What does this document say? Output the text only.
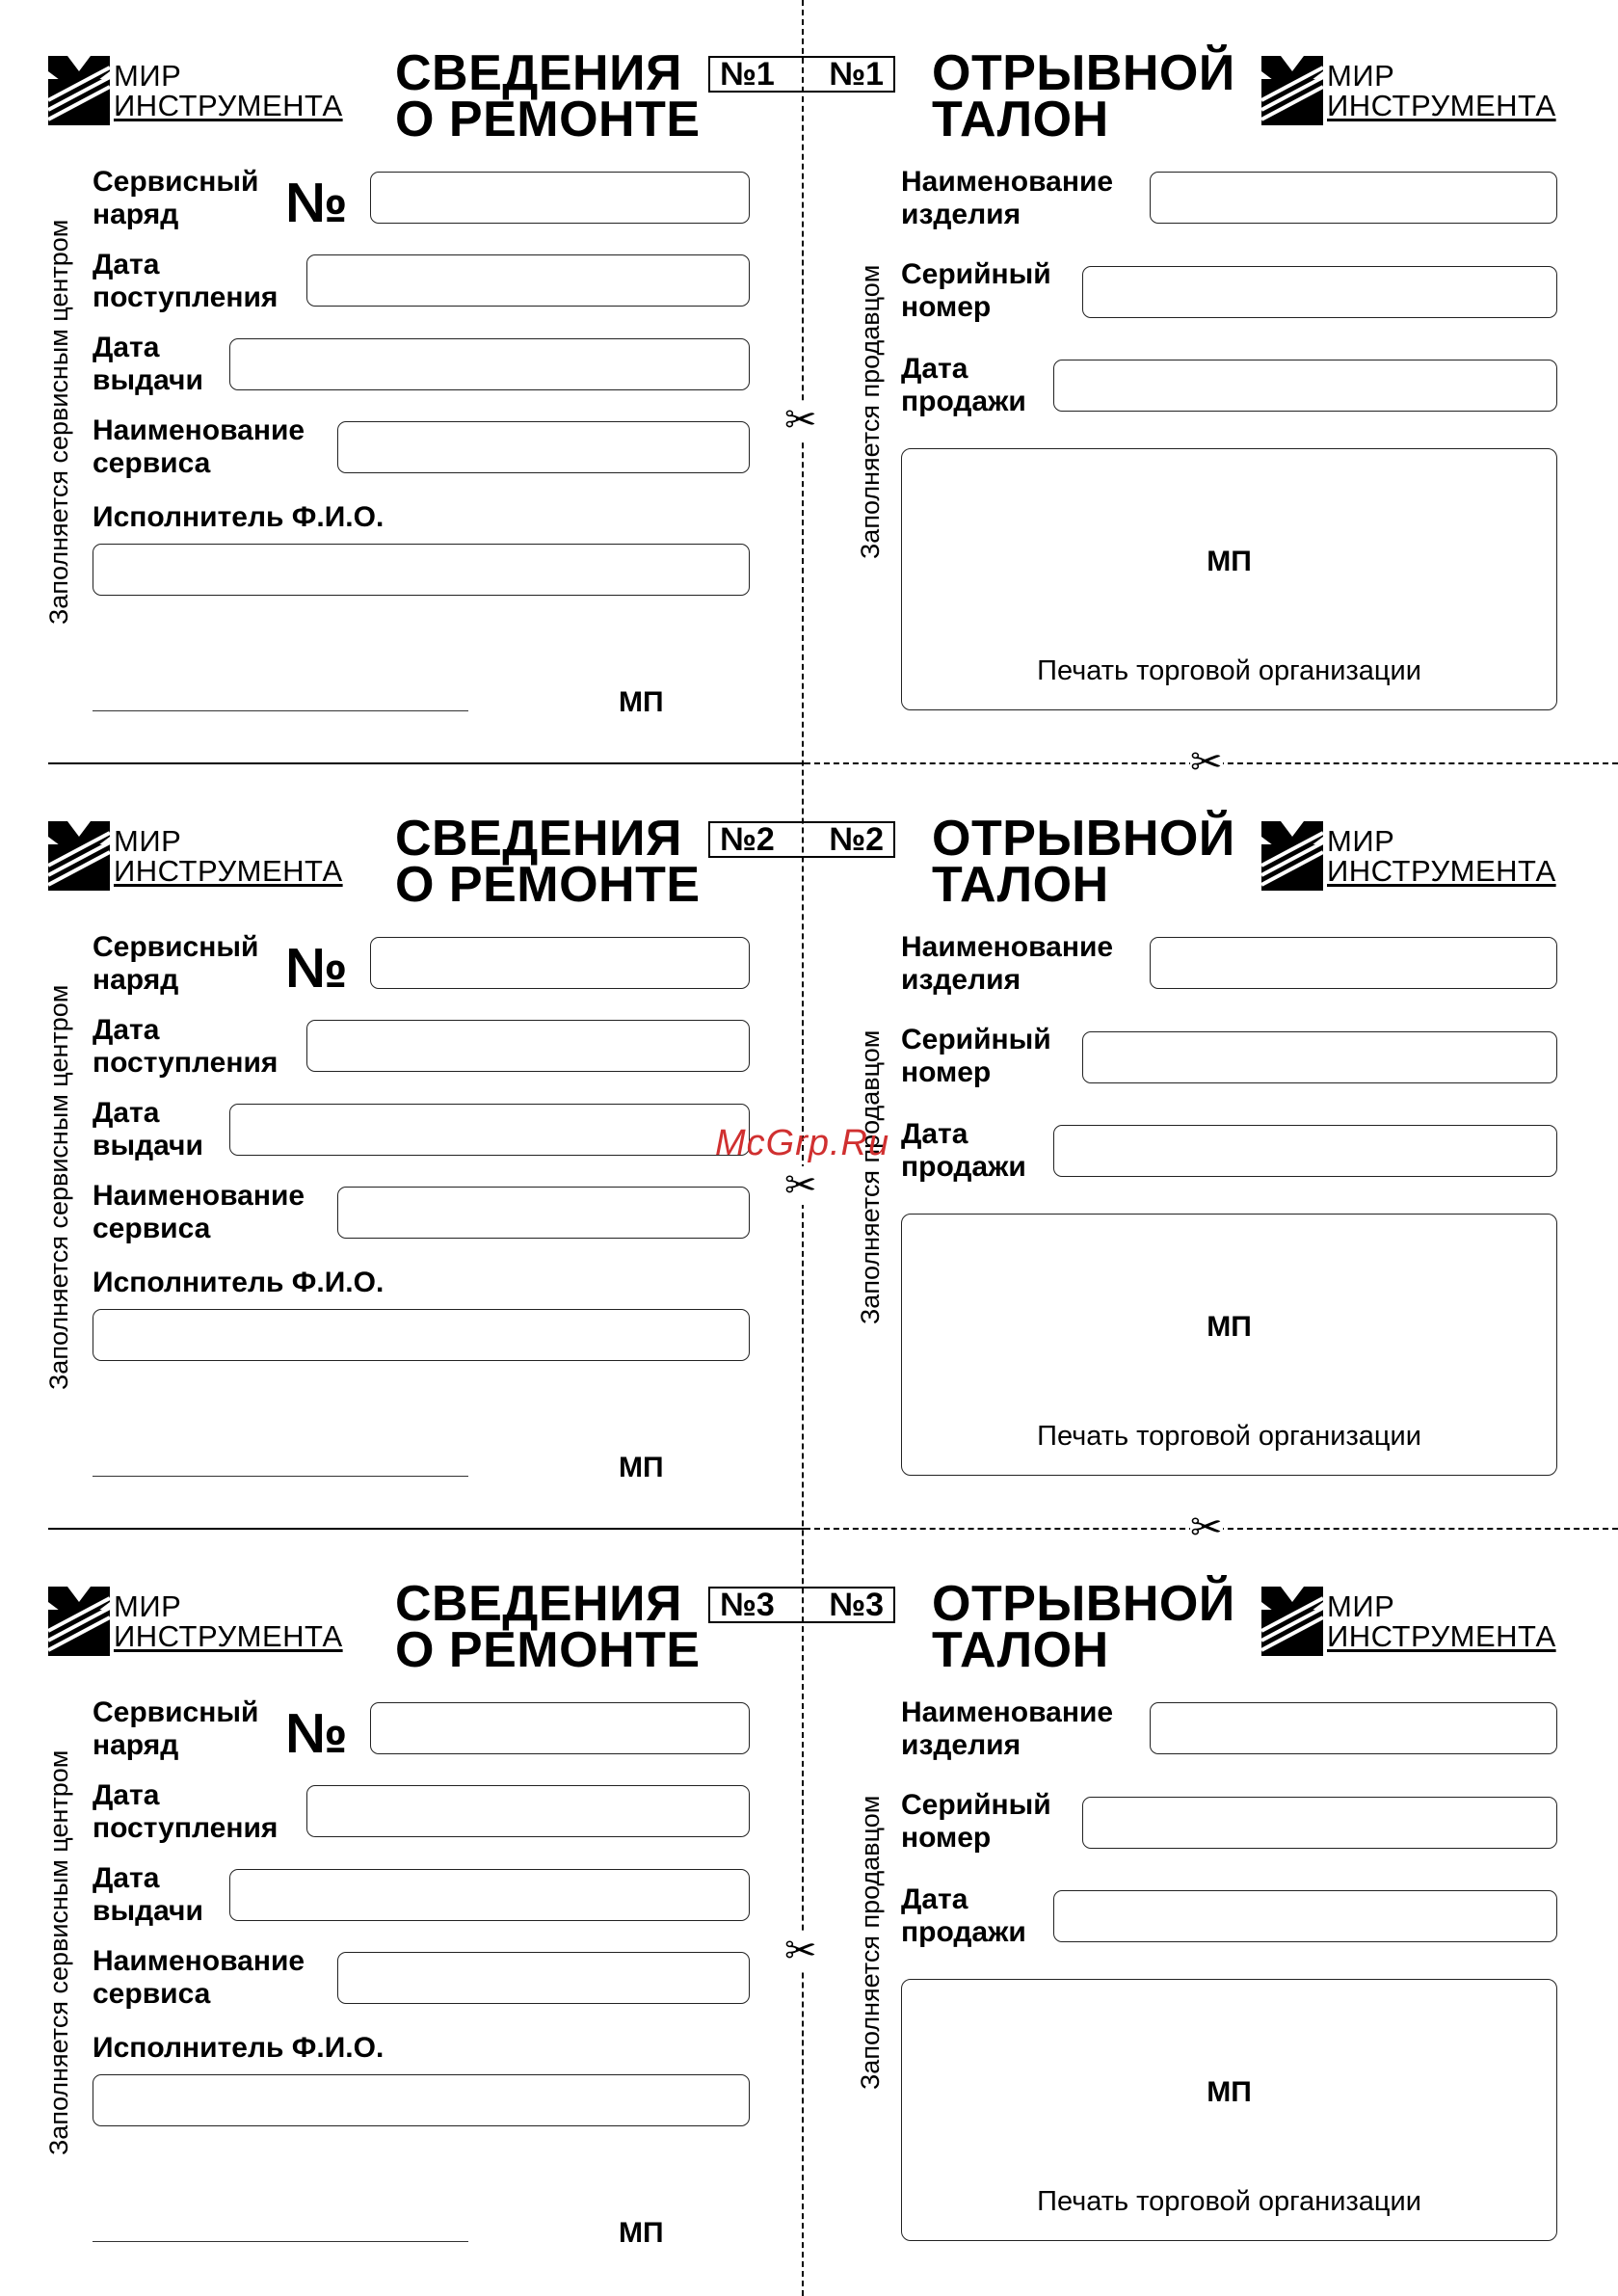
МИР
ИНСТРУМЕНТА
СВЕДЕНИЯ
О РЕМОНТЕ
№1 №1
Заполняется сервисным центром
Сервисный
наряд	№
Дата
поступления
Дата
выдачи
Наименование
сервиса
Исполнитель Ф.И.О.
МП
✂
ОТРЫВНОЙ
ТАЛОН
МИР
ИНСТРУМЕНТА
Заполняется продавцом
Наименование
изделия
Серийный
номер
Дата
продажи
МП
Печать торговой организации
МИР
ИНСТРУМЕНТА
СВЕДЕНИЯ
О РЕМОНТЕ
№2 №2
Заполняется сервисным центром
Сервисный
наряд	№
Дата
поступления
Дата
выдачи
Наименование
сервиса
Исполнитель Ф.И.О.
МП
✂
ОТРЫВНОЙ
ТАЛОН
МИР
ИНСТРУМЕНТА
Заполняется продавцом
Наименование
изделия
Серийный
номер
Дата
продажи
МП
Печать торговой организации
МИР
ИНСТРУМЕНТА
СВЕДЕНИЯ
О РЕМОНТЕ
№3 №3
Заполняется сервисным центром
Сервисный
наряд	№
Дата
поступления
Дата
выдачи
Наименование
сервиса
Исполнитель Ф.И.О.
МП
✂
ОТРЫВНОЙ
ТАЛОН
МИР
ИНСТРУМЕНТА
Заполняется продавцом
Наименование
изделия
Серийный
номер
Дата
продажи
МП
Печать торговой организации
✂
✂
McGrp.Ru
